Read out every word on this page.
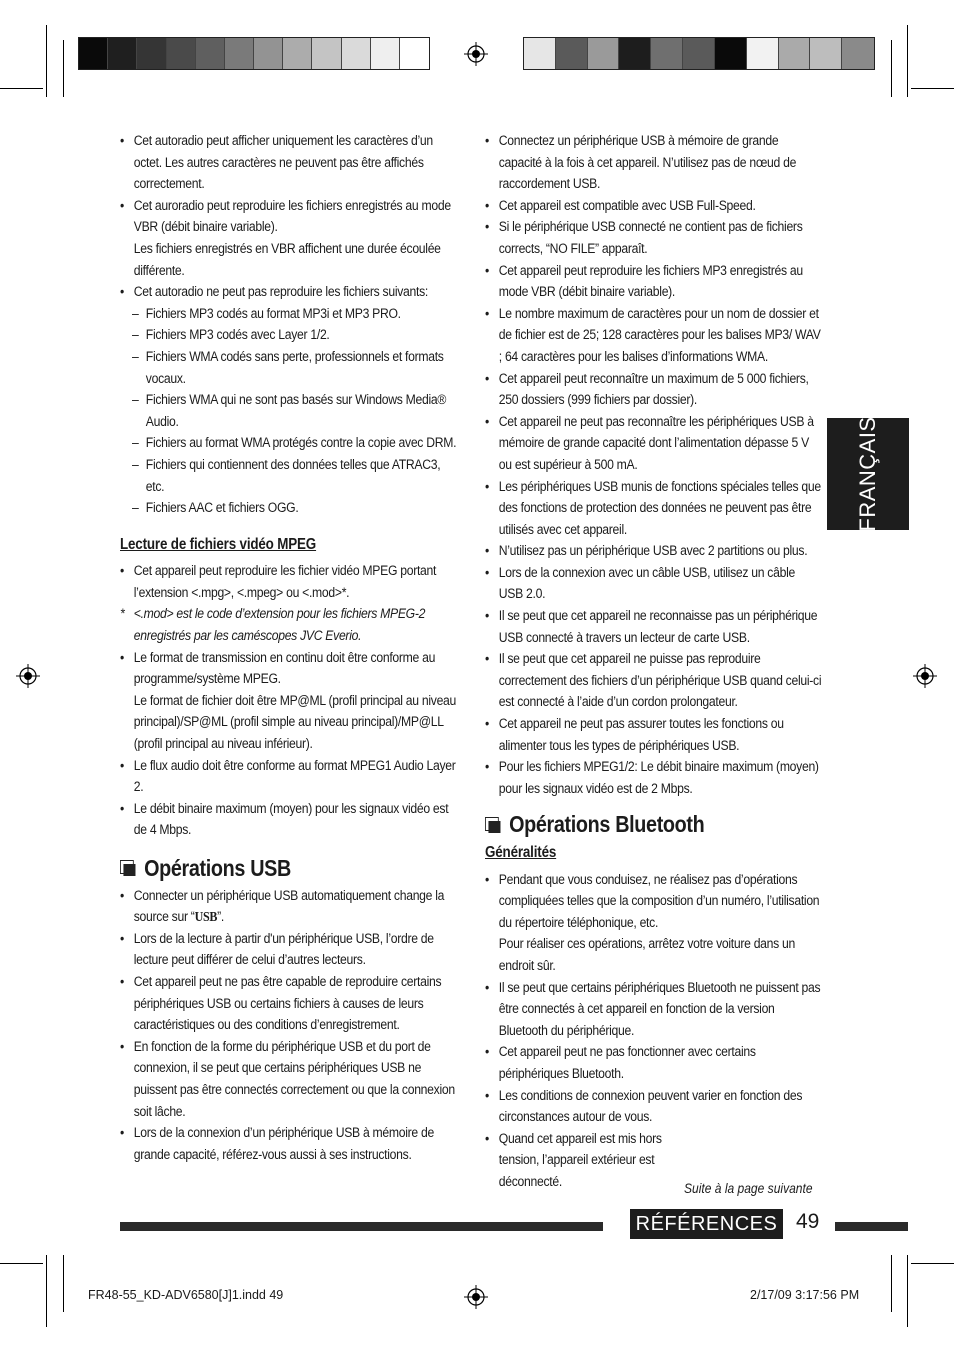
• Cet autoradio peut afficher uniquement les caractères d’un octet. Les autres caractères ne peuvent pas être affichés correctement.
• Cet auroradio peut reproduire les fichiers enregistrés au mode VBR (débit binaire variable).
Les fichiers enregistrés en VBR affichent une durée écoulée différente.
• Cet autoradio ne peut pas reproduire les fichiers suivants:
– Fichiers MP3 codés au format MP3i et MP3 PRO.
– Fichiers MP3 codés avec Layer 1/2.
– Fichiers WMA codés sans perte, professionnels et formats vocaux.
– Fichiers WMA qui ne sont pas basés sur Windows Media® Audio.
– Fichiers au format WMA protégés contre la copie avec DRM.
– Fichiers qui contiennent des données telles que ATRAC3, etc.
– Fichiers AAC et fichiers OGG.
Lecture de fichiers vidéo MPEG
• Cet appareil peut reproduire les fichier vidéo MPEG portant l’extension <.mpg>, <.mpeg> ou <.mod>*.
* <.mod> est le code d’extension pour les fichiers MPEG-2 enregistrés par les caméscopes JVC Everio.
• Le format de transmission en continu doit être conforme au programme/système MPEG.
Le format de fichier doit être MP@ML (profil principal au niveau principal)/SP@ML (profil simple au niveau principal)/MP@LL (profil principal au niveau inférieur).
• Le flux audio doit être conforme au format MPEG1 Audio Layer 2.
• Le débit binaire maximum (moyen) pour les signaux vidéo est de 4 Mbps.
Opérations USB
• Connecter un périphérique USB automatiquement change la source sur “USB”.
• Lors de la lecture à partir d'un périphérique USB, l’ordre de lecture peut différer de celui d’autres lecteurs.
• Cet appareil peut ne pas être capable de reproduire certains périphériques USB ou certains fichiers à causes de leurs caractéristiques ou des conditions d’enregistrement.
• En fonction de la forme du périphérique USB et du port de connexion, il se peut que certains périphériques USB ne puissent pas être connectés correctement ou que la connexion soit lâche.
• Lors de la connexion d’un périphérique USB à mémoire de grande capacité, référez-vous aussi à ses instructions.
• Connectez un périphérique USB à mémoire de grande capacité à la fois à cet appareil. N’utilisez pas de nœud de raccordement USB.
• Cet appareil est compatible avec USB Full-Speed.
• Si le périphérique USB connecté ne contient pas de fichiers corrects, “NO FILE” apparaît.
• Cet appareil peut reproduire les fichiers MP3 enregistrés au mode VBR (débit binaire variable).
• Le nombre maximum de caractères pour un nom de dossier et de fichier est de 25; 128 caractères pour les balises MP3/ WAV ; 64 caractères pour les balises d’informations WMA.
• Cet appareil peut reconnaître un maximum de 5 000 fichiers, 250 dossiers (999 fichiers par dossier).
• Cet appareil ne peut pas reconnaître les périphériques USB à mémoire de grande capacité dont l’alimentation dépasse 5 V ou est supérieur à 500 mA.
• Les périphériques USB munis de fonctions spéciales telles que des fonctions de protection des données ne peuvent pas être utilisés avec cet appareil.
• N’utilisez pas un périphérique USB avec 2 partitions ou plus.
• Lors de la connexion avec un câble USB, utilisez un câble USB 2.0.
• Il se peut que cet appareil ne reconnaisse pas un périphérique USB connecté à travers un lecteur de carte USB.
• Il se peut que cet appareil ne puisse pas reproduire correctement des fichiers d’un périphérique USB quand celui-ci est connecté à l’aide d’un cordon prolongateur.
• Cet appareil ne peut pas assurer toutes les fonctions ou alimenter tous les types de périphériques USB.
• Pour les fichiers MPEG1/2: Le débit binaire maximum (moyen) pour les signaux vidéo est de 2 Mbps.
Opérations Bluetooth
Généralités
• Pendant que vous conduisez, ne réalisez pas d’opérations compliquées telles que la composition d’un numéro, l’utilisation du répertoire téléphonique, etc.
Pour réaliser ces opérations, arrêtez votre voiture dans un endroit sûr.
• Il se peut que certains périphériques Bluetooth ne puissent pas être connectés à cet appareil en fonction de la version Bluetooth du périphérique.
• Cet appareil peut ne pas fonctionner avec certains périphériques Bluetooth.
• Les conditions de connexion peuvent varier en fonction des circonstances autour de vous.
• Quand cet appareil est mis hors tension, l’appareil extérieur est déconnecté.	Suite à la page suivante
FRANÇAIS
RÉFÉRENCES 49
FR48-55_KD-ADV6580[J]1.indd 49	2/17/09 3:17:56 PM
